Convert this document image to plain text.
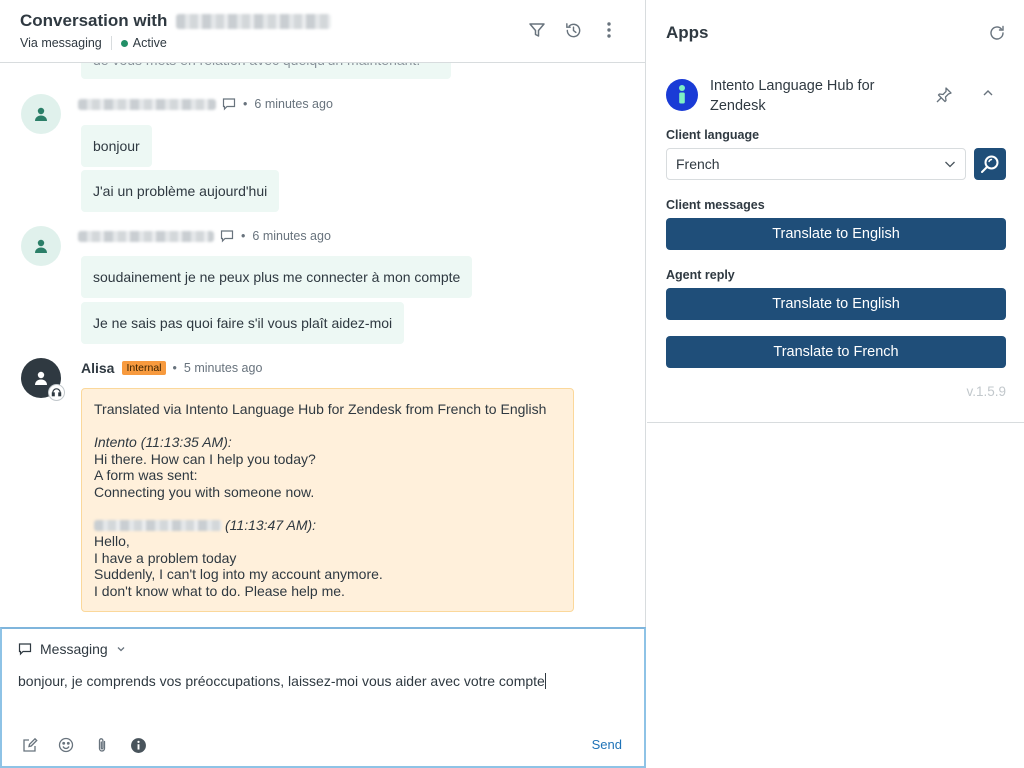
Conversation with
Via messaging Active
• 6 minutes ago
bonjour
J'ai un problème aujourd'hui
• 6 minutes ago
soudainement je ne peux plus me connecter à mon compte
Je ne sais pas quoi faire s'il vous plaît aidez-moi
Alisa	Internal • 5 minutes ago

Translated via Intento Language Hub for Zendesk from French to English

Intento (11:13:35 AM):

Hi there. How can I help you today?

A form was sent:

Connecting you with someone now.

(11:13:47 AM):

Hello,

I have a problem today

Suddenly, I can't log into my account anymore.

I don't know what to do. Please help me.

Messaging
bonjour, je comprends vos préoccupations, laissez-moi vous aider avec votre compte
Send
Apps
Intento Language Hub for Zendesk
Client language
French
Client messages
Translate to English
Agent reply
Translate to English
Translate to French
v.1.5.9
